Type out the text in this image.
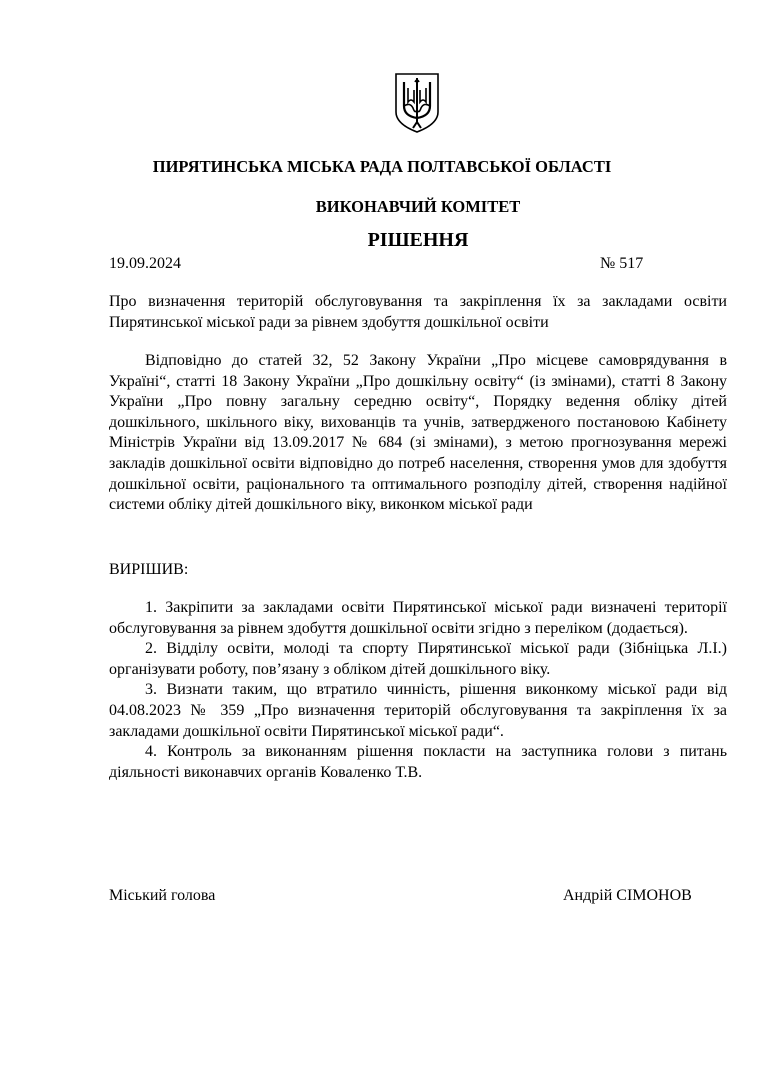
ПИРЯТИНСЬКА МІСЬКА РАДА ПОЛТАВСЬКОЇ ОБЛАСТІ
ВИКОНАВЧИЙ КОМІТЕТ
РІШЕННЯ
19.09.2024	№ 517

Про визначення територій обслуговування та закріплення їх за закладами освіти Пирятинської міської ради за рівнем здобуття дошкільної освіти

Відповідно до статей 32, 52 Закону України „Про місцеве самоврядування в Україні“, статті 18 Закону України „Про дошкільну освіту“ (із змінами), статті 8 Закону України „Про повну загальну середню освіту“, Порядку ведення обліку дітей дошкільного, шкільного віку, вихованців та учнів, затвердженого постановою Кабінету Міністрів України від 13.09.2017 № 684 (зі змінами), з метою прогнозування мережі закладів дошкільної освіти відповідно до потреб населення, створення умов для здобуття дошкільної освіти, раціонального та оптимального розподілу дітей, створення надійної системи обліку дітей дошкільного віку, виконком міської ради

ВИРІШИВ:

1. Закріпити за закладами освіти Пирятинської міської ради визначені території обслуговування за рівнем здобуття дошкільної освіти згідно з переліком (додається).

2. Відділу освіти, молоді та спорту Пирятинської міської ради (Зібніцька Л.І.) організувати роботу, пов’язану з обліком дітей дошкільного віку.

3. Визнати таким, що втратило чинність, рішення виконкому міської ради від 04.08.2023 № 359 „Про визначення територій обслуговування та закріплення їх за закладами дошкільної освіти Пирятинської міської ради“.

4. Контроль за виконанням рішення покласти на заступника голови з питань діяльності виконавчих органів Коваленко Т.В.

Міський голова	Андрій СІМОНОВ
